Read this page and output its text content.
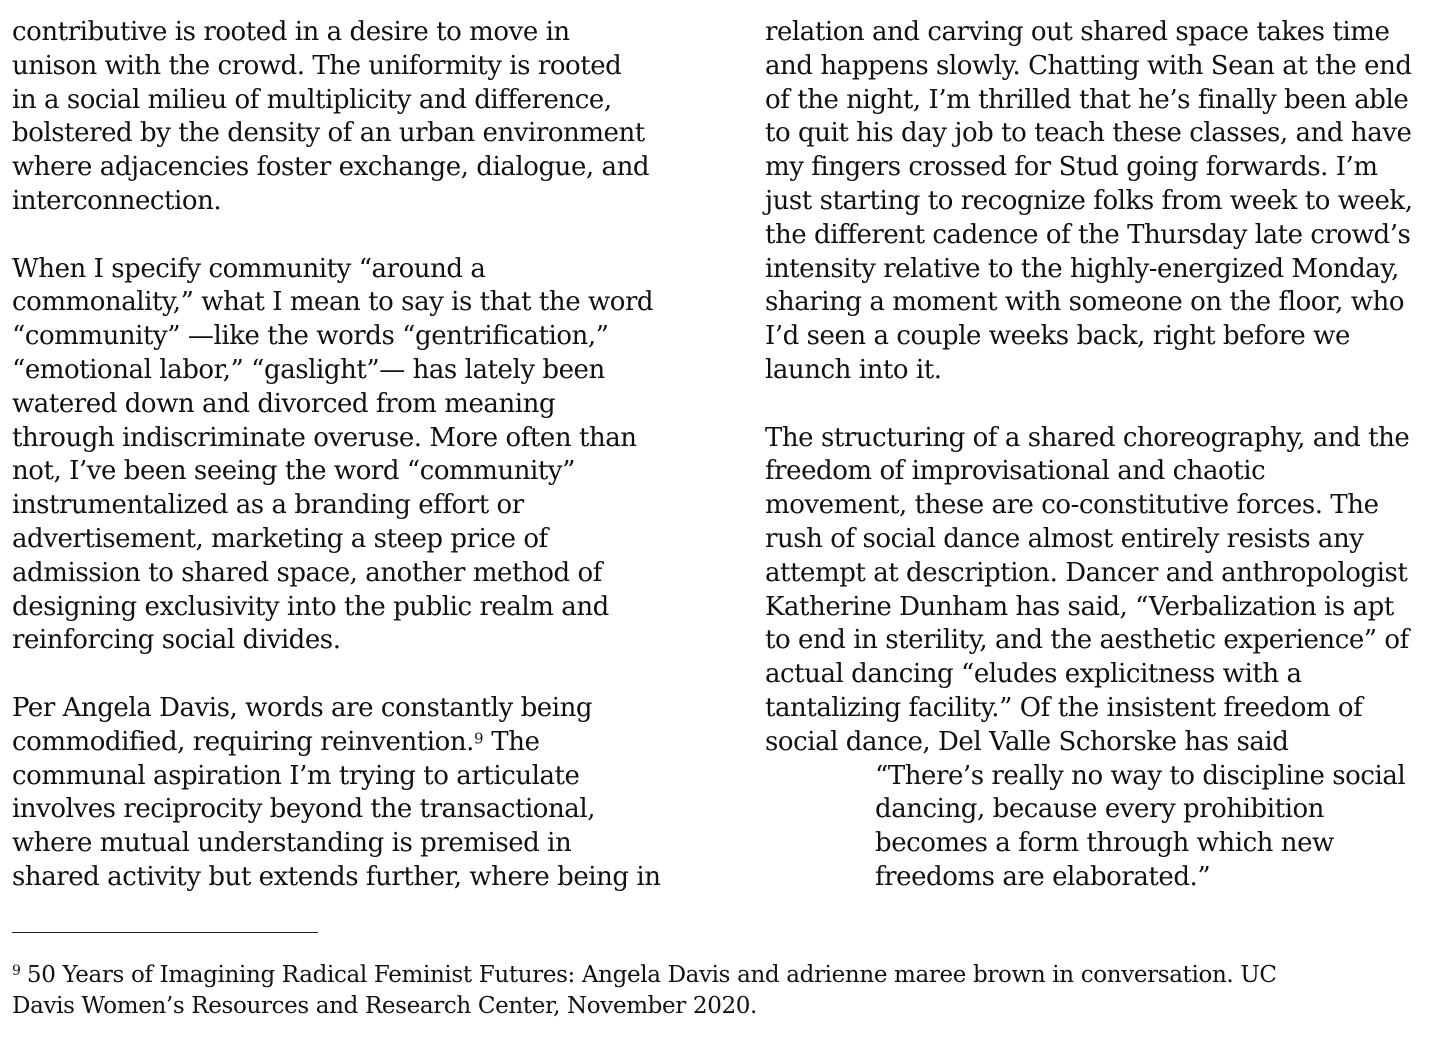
contributive is rooted in a desire to move in
unison with the crowd. The uniformity is rooted
in a social milieu of multiplicity and difference,
bolstered by the density of an urban environment
where adjacencies foster exchange, dialogue, and
interconnection.
When I specify community “around a
commonality,” what I mean to say is that the word
“community” —like the words “gentrification,”
“emotional labor,” “gaslight”— has lately been
watered down and divorced from meaning
through indiscriminate overuse. More often than
not, I’ve been seeing the word “community”
instrumentalized as a branding effort or
advertisement, marketing a steep price of
admission to shared space, another method of
designing exclusivity into the public realm and
reinforcing social divides.
Per Angela Davis, words are constantly being
commodified, requiring reinvention.$^9$ The
communal aspiration I’m trying to articulate
involves reciprocity beyond the transactional,
where mutual understanding is premised in
shared activity but extends further, where being in
relation and carving out shared space takes time
and happens slowly. Chatting with Sean at the end
of the night, I’m thrilled that he’s finally been able
to quit his day job to teach these classes, and have
my fingers crossed for Stud going forwards. I’m
just starting to recognize folks from week to week,
the different cadence of the Thursday late crowd’s
intensity relative to the highly-energized Monday,
sharing a moment with someone on the floor, who
I’d seen a couple weeks back, right before we
launch into it.
The structuring of a shared choreography, and the
freedom of improvisational and chaotic
movement, these are co-constitutive forces. The
rush of social dance almost entirely resists any
attempt at description. Dancer and anthropologist
Katherine Dunham has said, “Verbalization is apt
to end in sterility, and the aesthetic experience” of
actual dancing “eludes explicitness with a
tantalizing facility.” Of the insistent freedom of
social dance, Del Valle Schorske has said
“There’s really no way to discipline social
dancing, because every prohibition
becomes a form through which new
freedoms are elaborated.”
$^9$ 50 Years of Imagining Radical Feminist Futures: Angela Davis and adrienne maree brown in conversation. UC
Davis Women’s Resources and Research Center, November 2020.
